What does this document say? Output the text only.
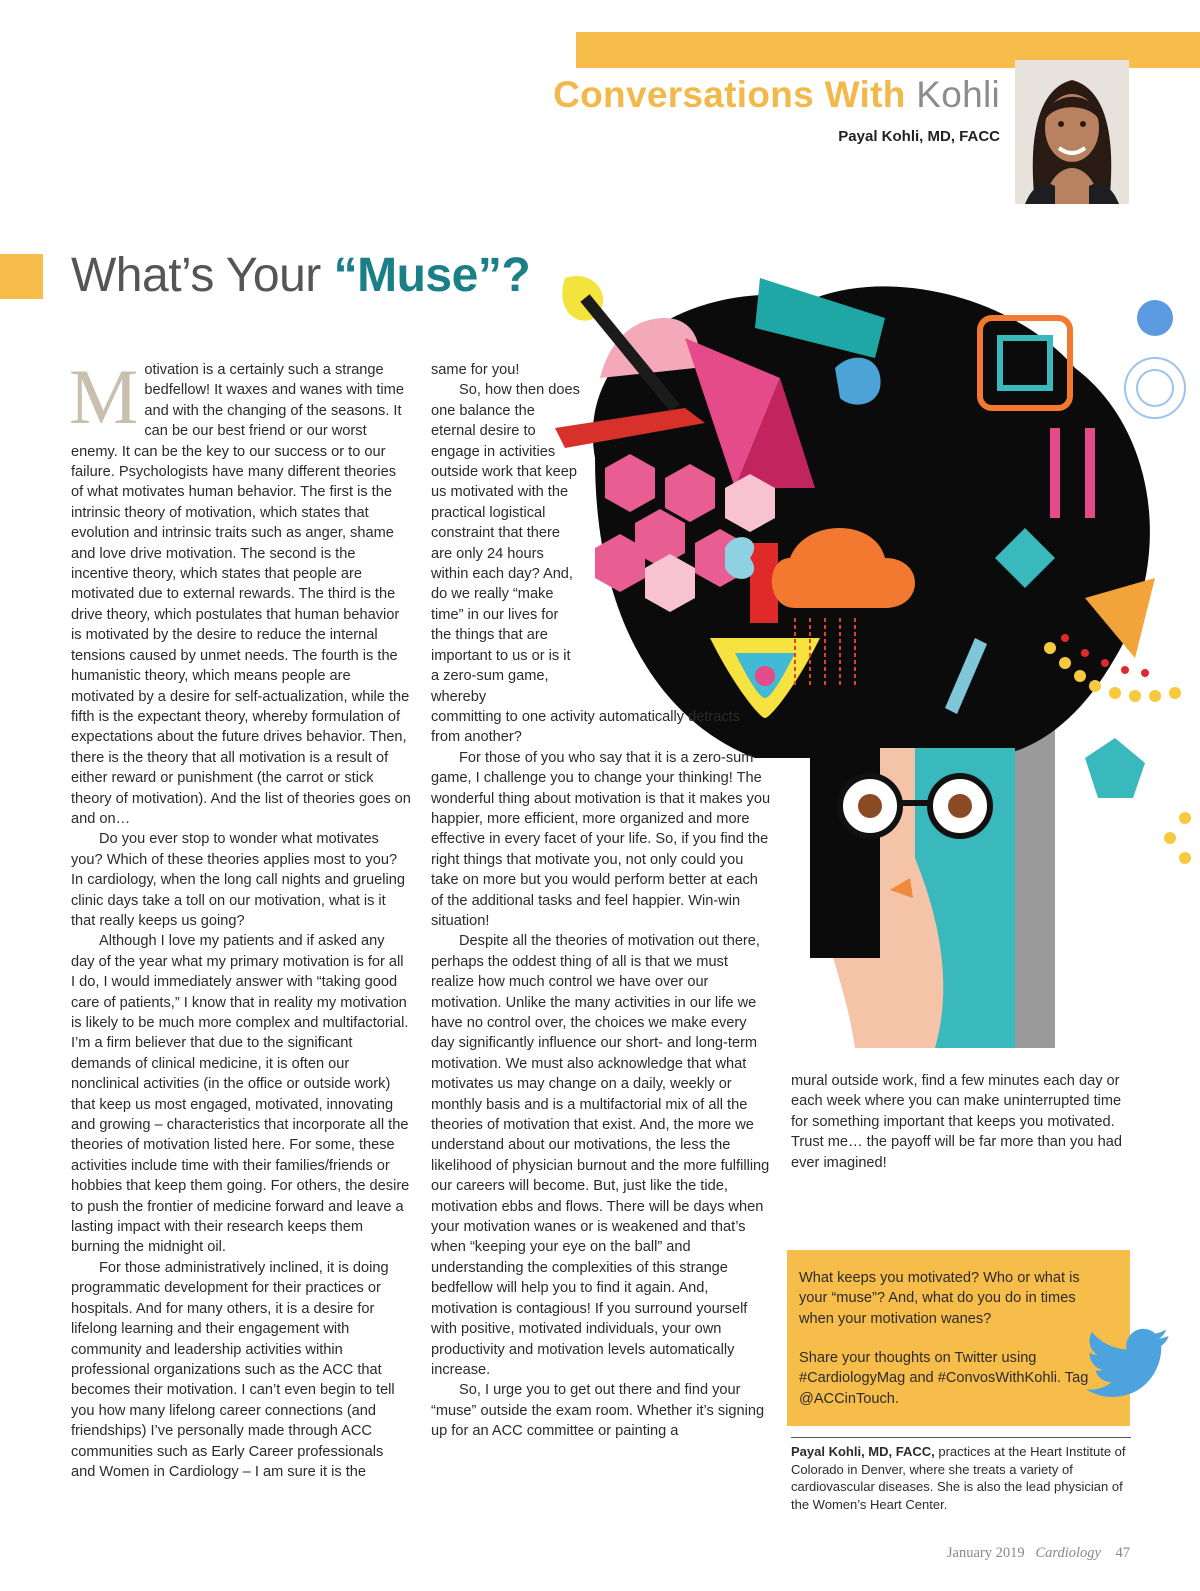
Conversations With Kohli
Payal Kohli, MD, FACC
What’s Your “Muse”?

Motivation is a certainly such a strange bedfellow! It waxes and wanes with time and with the changing of the seasons. It can be our best friend or our worst enemy. It can be the key to our success or to our failure. Psychologists have many different theories of what motivates human behavior. The first is the intrinsic theory of motivation, which states that evolution and intrinsic traits such as anger, shame and love drive motivation. The second is the incentive theory, which states that people are motivated due to external rewards. The third is the drive theory, which postulates that human behavior is motivated by the desire to reduce the internal tensions caused by unmet needs. The fourth is the humanistic theory, which means people are motivated by a desire for self-actualization, while the fifth is the expectant theory, whereby formulation of expectations about the future drives behavior. Then, there is the theory that all motivation is a result of either reward or punishment (the carrot or stick theory of motivation). And the list of theories goes on and on…

Do you ever stop to wonder what motivates you? Which of these theories applies most to you? In cardiology, when the long call nights and grueling clinic days take a toll on our motivation, what is it that really keeps us going?

Although I love my patients and if asked any day of the year what my primary motivation is for all I do, I would immediately answer with “taking good care of patients,” I know that in reality my motivation is likely to be much more complex and multifactorial. I’m a firm believer that due to the significant demands of clinical medicine, it is often our nonclinical activities (in the office or outside work) that keep us most engaged, motivated, innovating and growing – characteristics that incorporate all the theories of motivation listed here. For some, these activities include time with their families/friends or hobbies that keep them going. For others, the desire to push the frontier of medicine forward and leave a lasting impact with their research keeps them burning the midnight oil.

For those administratively inclined, it is doing programmatic development for their practices or hospitals. And for many others, it is a desire for lifelong learning and their engagement with community and leadership activities within professional organizations such as the ACC that becomes their motivation. I can’t even begin to tell you how many lifelong career connections (and friendships) I’ve personally made through ACC communities such as Early Career professionals and Women in Cardiology – I am sure it is the

same for you!

So, how then does one balance the eternal desire to engage in activities outside work that keep us motivated with the practical logistical constraint that there are only 24 hours within each day? And, do we really “make time” in our lives for the things that are important to us or is it a zero-sum game, whereby

committing to one activity automatically detracts from another?

For those of you who say that it is a zero-sum game, I challenge you to change your thinking! The wonderful thing about motivation is that it makes you happier, more efficient, more organized and more effective in every facet of your life. So, if you find the right things that motivate you, not only could you take on more but you would perform better at each of the additional tasks and feel happier. Win-win situation!

Despite all the theories of motivation out there, perhaps the oddest thing of all is that we must realize how much control we have over our motivation. Unlike the many activities in our life we have no control over, the choices we make every day significantly influence our short- and long-term motivation. We must also acknowledge that what motivates us may change on a daily, weekly or monthly basis and is a multifactorial mix of all the theories of motivation that exist. And, the more we understand about our motivations, the less the likelihood of physician burnout and the more fulfilling our careers will become. But, just like the tide, motivation ebbs and flows. There will be days when your motivation wanes or is weakened and that’s when “keeping your eye on the ball” and understanding the complexities of this strange bedfellow will help you to find it again. And, motivation is contagious! If you surround yourself with positive, motivated individuals, your own productivity and motivation levels automatically increase.

So, I urge you to get out there and find your “muse” outside the exam room. Whether it’s signing up for an ACC committee or painting a

mural outside work, find a few minutes each day or each week where you can make uninterrupted time for something important that keeps you motivated. Trust me… the payoff will be far more than you had ever imagined!

What keeps you motivated? Who or what is your “muse”? And, what do you do in times when your motivation wanes?

Share your thoughts on Twitter using #CardiologyMag and #ConvosWithKohli. Tag @ACCinTouch.

Payal Kohli, MD, FACC, practices at the Heart Institute of Colorado in Denver, where she treats a variety of cardiovascular diseases. She is also the lead physician of the Women’s Heart Center.
January 2019 Cardiology 47
